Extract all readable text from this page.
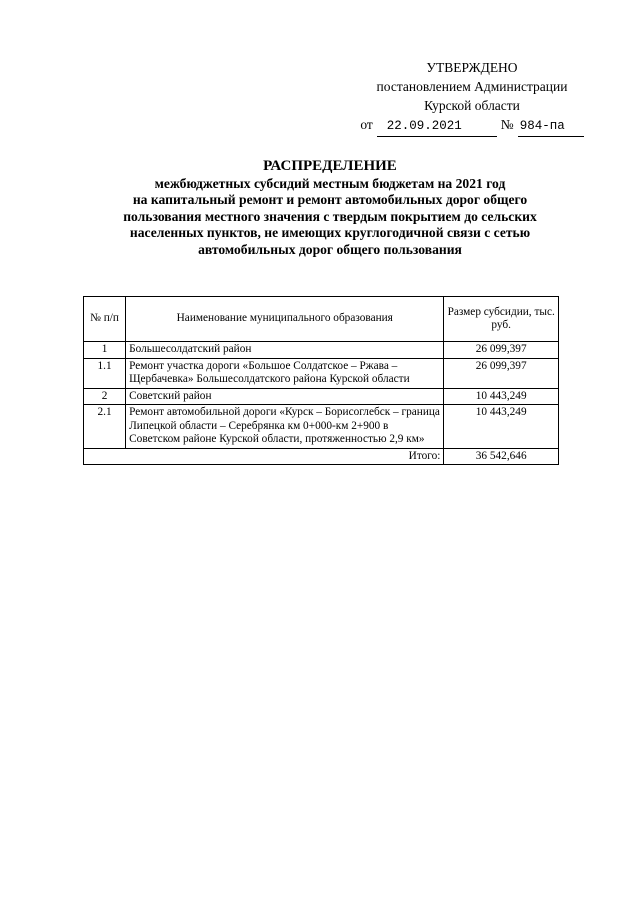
УТВЕРЖДЕНО
постановлением Администрации
Курской области
от	22.09.2021	№ 984-па
РАСПРЕДЕЛЕНИЕ
межбюджетных субсидий местным бюджетам на 2021 год
на капитальный ремонт и ремонт автомобильных дорог общего
пользования местного значения с твердым покрытием до сельских
населенных пунктов, не имеющих круглогодичной связи с сетью
автомобильных дорог общего пользования
№ п/п	Наименование муниципального образования	Размер субсидии, тыс. руб.
1	Большесолдатский район	26 099,397
1.1	Ремонт участка дороги «Большое Солдатское – Ржава – Щербачевка» Большесолдатского района Курской области	26 099,397
2	Советский район	10 443,249
2.1	Ремонт автомобильной дороги «Курск – Борисоглебск – граница Липецкой области – Серебрянка км 0+000-км 2+900 в Советском районе Курской области, протяженностью 2,9 км»	10 443,249
Итого:		36 542,646
